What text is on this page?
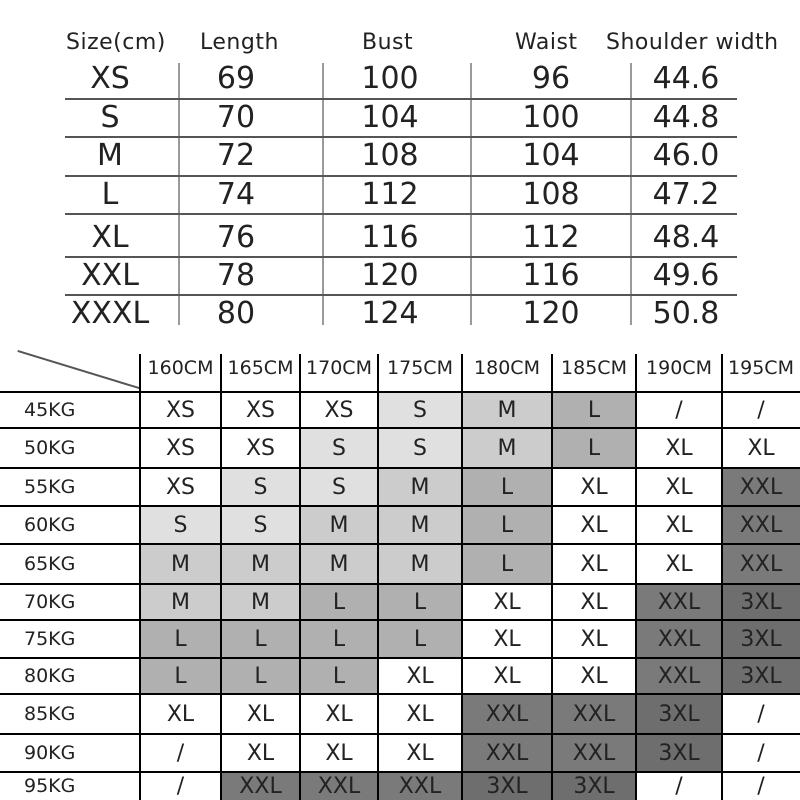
Size(cm) Length	Bust	Waist Shoulder width
XS	69	100	96	44.6
S	70	104	100 44.8
M	72	108	104 46.0
L	74	112	108 47.2
XL	76	116	112 48.4
XXL	78	120	116 49.6
XXXL 80	124	120 50.8
160CM 165CM 170CM 175CM	180CM	185CM	190CM 195CM
45KG	XS	XS	XS	S	M	L	/	/
50KG	XS	XS	S	S	M	L	XL	XL
55KG	XS	S	S	M	L	XL	XL	XXL
60KG	S	S	M	M	L	XL	XL	XXL
65KG	M	M	M	M	L	XL	XL	XXL
70KG	M	M	L	L	XL	XL	XXL	3XL
75KG	L	L	L	L	XL	XL	XXL	3XL
80KG	L	L	L	XL	XL	XL	XXL	3XL
85KG	XL	XL	XL	XL	XXL	XXL	3XL	/
90KG	/	XL	XL	XL	XXL	XXL	3XL	/
95KG	/	XXL	XXL	XXL	3XL	3XL	/	/
